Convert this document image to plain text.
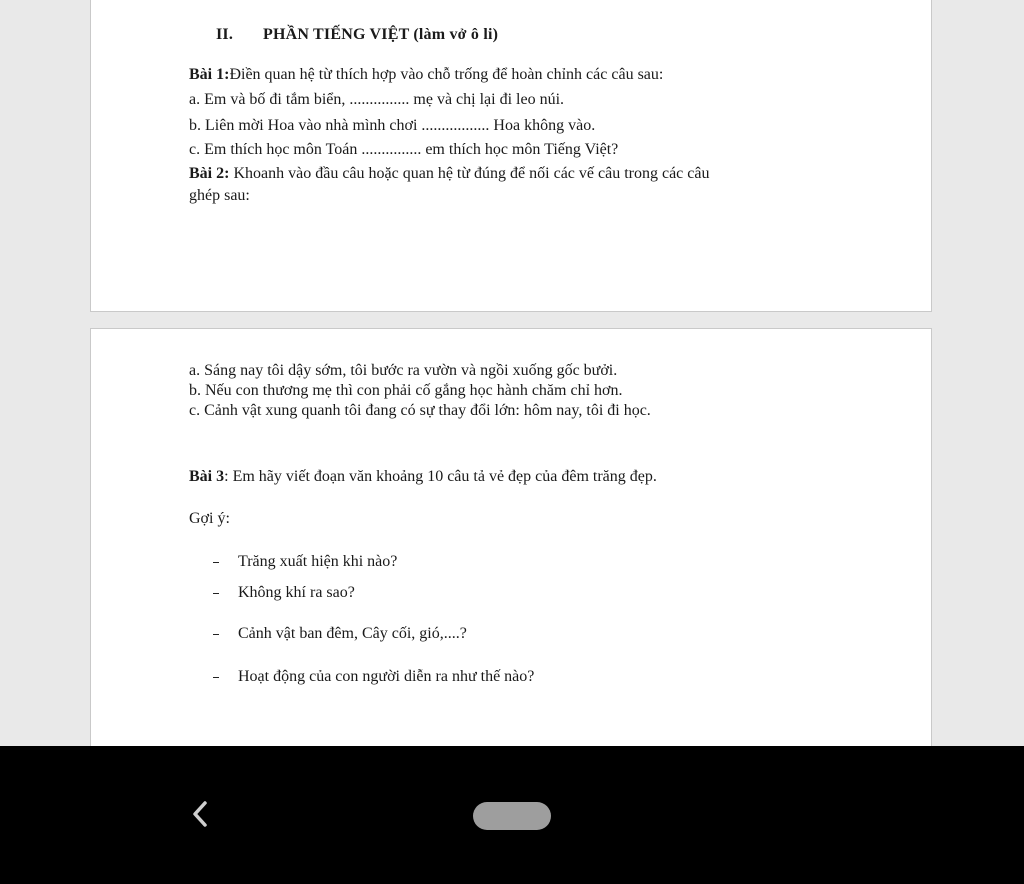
II. PHẦN TIẾNG VIỆT (làm vở ô li)
Bài 1:Điền quan hệ từ thích hợp vào chỗ trống để hoàn chỉnh các câu sau:
a. Em và bố đi tắm biển, ............... mẹ và chị lại đi leo núi.
b. Liên mời Hoa vào nhà mình chơi ................. Hoa không vào.
c. Em thích học môn Toán ............... em thích học môn Tiếng Việt?
Bài 2: Khoanh vào đầu câu hoặc quan hệ từ đúng để nối các vế câu trong các câu
ghép sau:
a. Sáng nay tôi dậy sớm, tôi bước ra vườn và ngồi xuống gốc bưởi.
b. Nếu con thương mẹ thì con phải cố gắng học hành chăm chỉ hơn.
c. Cảnh vật xung quanh tôi đang có sự thay đổi lớn: hôm nay, tôi đi học.
Bài 3: Em hãy viết đoạn văn khoảng 10 câu tả vẻ đẹp của đêm trăng đẹp.
Gợi ý:
Trăng xuất hiện khi nào?
Không khí ra sao?
Cảnh vật ban đêm, Cây cối, gió,....?
Hoạt động của con người diễn ra như thế nào?
